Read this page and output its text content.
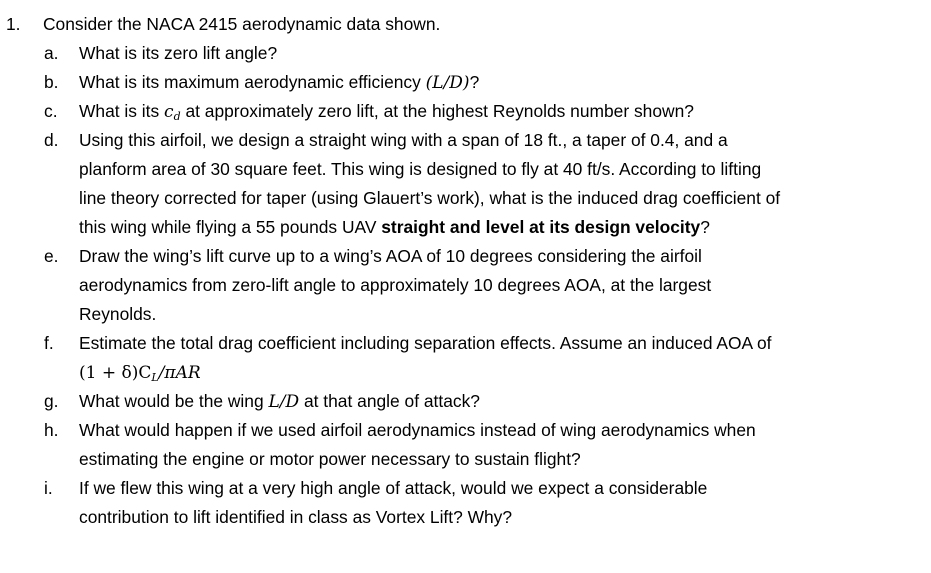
1. Consider the NACA 2415 aerodynamic data shown.
a.	What is its zero lift angle?
b.	What is its maximum aerodynamic efficiency (L/D)?
c.	What is its $c_d$ at approximately zero lift, at the highest Reynolds number shown?
d.	Using this airfoil, we design a straight wing with a span of 18 ft., a taper of 0.4, and a
planform area of 30 square feet. This wing is designed to fly at 40 ft/s. According to lifting
line theory corrected for taper (using Glauert’s work), what is the induced drag coefficient of
this wing while flying a 55 pounds UAV straight and level at its design velocity?
e.	Draw the wing’s lift curve up to a wing’s AOA of 10 degrees considering the airfoil
aerodynamics from zero-lift angle to approximately 10 degrees AOA, at the largest
Reynolds.
f.	Estimate the total drag coefficient including separation effects. Assume an induced AOA of
$(1 + \delta)C_L$/πAR
g.	What would be the wing L/D at that angle of attack?
h.	What would happen if we used airfoil aerodynamics instead of wing aerodynamics when
estimating the engine or motor power necessary to sustain flight?
i.	If we flew this wing at a very high angle of attack, would we expect a considerable
contribution to lift identified in class as Vortex Lift? Why?
